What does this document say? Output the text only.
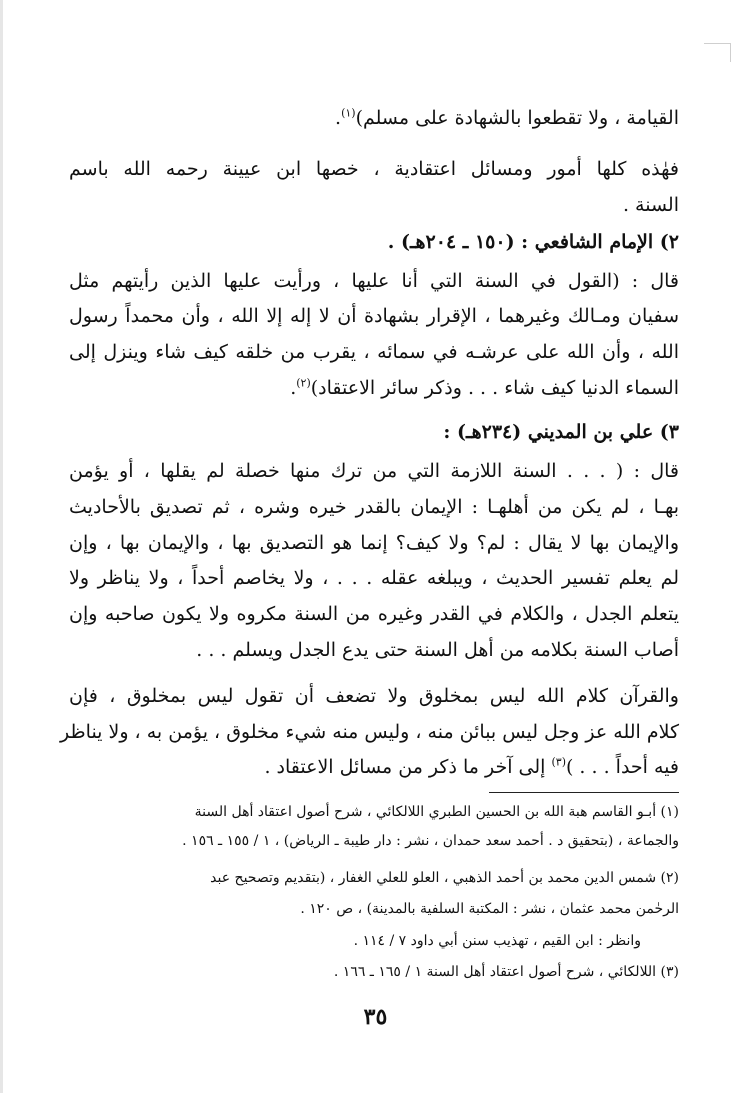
القيامة ، ولا تقطعوا بالشهادة على مسلم)$^{(١)}$.
فهٰذه كلها أمور ومسائل اعتقادية ، خصها ابن عيينة رحمه الله باسم
السنة .
٢) الإمام الشافعي : (١٥٠ ـ ٢٠٤هـ) .
قال : (القول في السنة التي أنا عليها ، ورأيت عليها الذين رأيتهم مثل
سفيان ومـالك وغيرهما ، الإقرار بشهادة أن لا إله إلا الله ، وأن محمداً رسول
الله ، وأن الله على عرشـه في سمائه ، يقرب من خلقه كيف شاء وينزل إلى
السماء الدنيا كيف شاء . . . وذكر سائر الاعتقاد)$^{(٢)}$.
٣) علي بن المديني (٢٣٤هـ) :
قال : ( . . . السنة اللازمة التي من ترك منها خصلة لم يقلها ، أو يؤمن
بهـا ، لم يكن من أهلهـا : الإيمان بالقدر خيره وشره ، ثم تصديق بالأحاديث
والإيمان بها لا يقال : لم؟ ولا كيف؟ إنما هو التصديق بها ، والإيمان بها ، وإن
لم يعلم تفسير الحديث ، ويبلغه عقله . . . ، ولا يخاصم أحداً ، ولا يناظر ولا
يتعلم الجدل ، والكلام في القدر وغيره من السنة مكروه ولا يكون صاحبه وإن
أصاب السنة بكلامه من أهل السنة حتى يدع الجدل ويسلم . . .
والقرآن كلام الله ليس بمخلوق ولا تضعف أن تقول ليس بمخلوق ، فإن
كلام الله عز وجل ليس ببائن منه ، وليس منه شيء مخلوق ، يؤمن به ، ولا يناظر
فيه أحداً . . . )$^{(٣)}$ إلى آخر ما ذكر من مسائل الاعتقاد .
(١) أبـو القاسم هبة الله بن الحسين الطبري اللالكائي ، شرح أصول اعتقاد أهل السنة
والجماعة ، (بتحقيق د . أحمد سعد حمدان ، نشر : دار طيبة ـ الرياض) ، ١ / ١٥٥ ـ ١٥٦ .
(٢) شمس الدين محمد بن أحمد الذهبي ، العلو للعلي الغفار ، (بتقديم وتصحيح عبد
الرحٰمن محمد عثمان ، نشر : المكتبة السلفية بالمدينة) ، ص ١٢٠ .
وانظر : ابن القيم ، تهذيب سنن أبي داود ٧ / ١١٤ .
(٣) اللالكائي ، شرح أصول اعتقاد أهل السنة ١ / ١٦٥ ـ ١٦٦ .
٣٥
